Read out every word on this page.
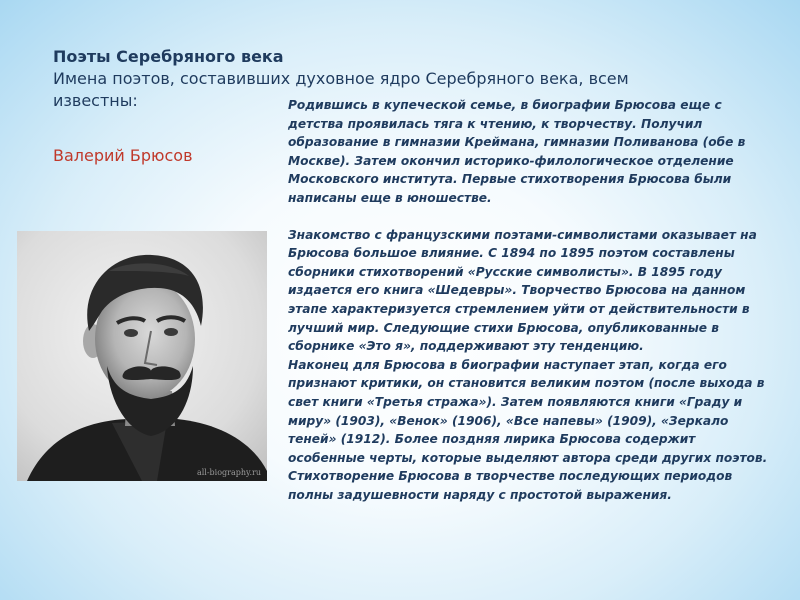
Поэты Серебряного века
Имена поэтов, составивших духовное ядро Серебряного века, всем известны:
Валерий Брюсов
all-biography.ru

Родившись в купеческой семье, в биографии Брюсова еще с детства проявилась тяга к чтению, к творчеству. Получил образование в гимназии Креймана, гимназии Поливанова (обе в Москве). Затем окончил историко-филологическое отделение Московского института. Первые стихотворения Брюсова были написаны еще в юношестве.

Знакомство с французскими поэтами-символистами оказывает на Брюсова большое влияние. С 1894 по 1895 поэтом составлены сборники стихотворений «Русские символисты». В 1895 году издается его книга «Шедевры». Творчество Брюсова на данном этапе характеризуется стремлением уйти от действительности в лучший мир. Следующие стихи Брюсова, опубликованные в сборнике «Это я», поддерживают эту тенденцию.

Наконец для Брюсова в биографии наступает этап, когда его признают критики, он становится великим поэтом (после выхода в свет книги «Третья стража»). Затем появляются книги «Граду и миру» (1903), «Венок» (1906), «Все напевы» (1909), «Зеркало теней» (1912). Более поздняя лирика Брюсова содержит особенные черты, которые выделяют автора среди других поэтов. Стихотворение Брюсова в творчестве последующих периодов полны задушевности наряду с простотой выражения.
